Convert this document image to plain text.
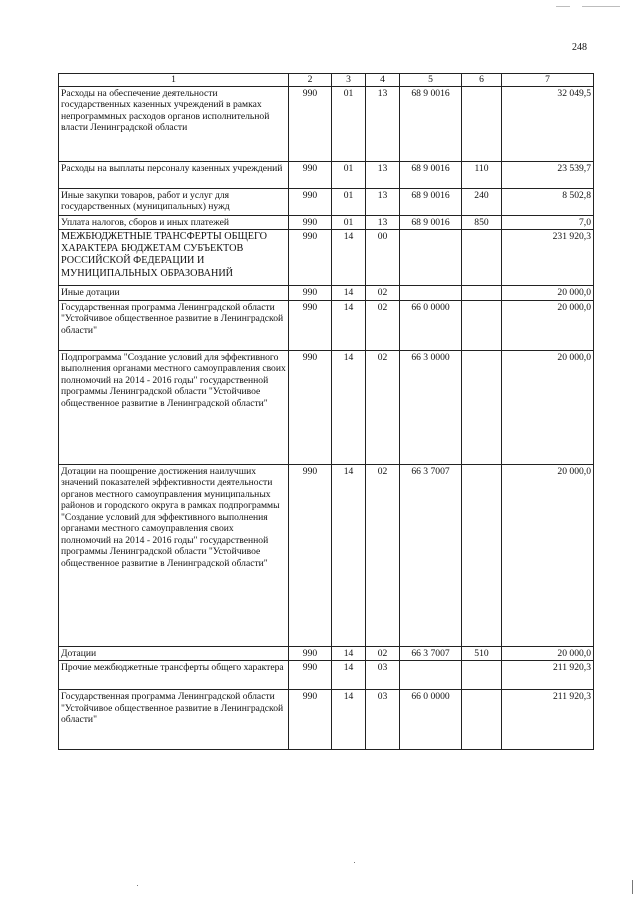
248
1	2	3	4	5	6	7
Расходы на обеспечение деятельности государственных казенных учреждений в рамках непрограммных расходов органов исполнительной власти Ленинградской области	990	01	13	68 9 0016		32 049,5
Расходы на выплаты персоналу казенных учреждений	990	01	13	68 9 0016	110	23 539,7
Иные закупки товаров, работ и услуг для государственных (муниципальных) нужд	990	01	13	68 9 0016	240	8 502,8
Уплата налогов, сборов и иных платежей	990	01	13	68 9 0016	850	7,0
МЕЖБЮДЖЕТНЫЕ ТРАНСФЕРТЫ ОБЩЕГО ХАРАКТЕРА БЮДЖЕТАМ СУБЪЕКТОВ РОССИЙСКОЙ ФЕДЕРАЦИИ И МУНИЦИПАЛЬНЫХ ОБРАЗОВАНИЙ	990	14	00			231 920,3
Иные дотации	990	14	02			20 000,0
Государственная программа Ленинградской области "Устойчивое общественное развитие в Ленинградской области"	990	14	02	66 0 0000		20 000,0
Подпрограмма "Создание условий для эффективного выполнения органами местного самоуправления своих полномочий на 2014 - 2016 годы" государственной программы Ленинградской области "Устойчивое общественное развитие в Ленинградской области"	990	14	02	66 3 0000		20 000,0
Дотации на поощрение достижения наилучших значений показателей эффективности деятельности органов местного самоуправления муниципальных районов и городского округа в рамках подпрограммы "Создание условий для эффективного выполнения органами местного самоуправления своих полномочий на 2014 - 2016 годы" государственной программы Ленинградской области "Устойчивое общественное развитие в Ленинградской области"	990	14	02	66 3 7007		20 000,0
Дотации	990	14	02	66 3 7007	510	20 000,0
Прочие межбюджетные трансферты общего характера	990	14	03			211 920,3
Государственная программа Ленинградской области "Устойчивое общественное развитие в Ленинградской области"	990	14	03	66 0 0000		211 920,3
